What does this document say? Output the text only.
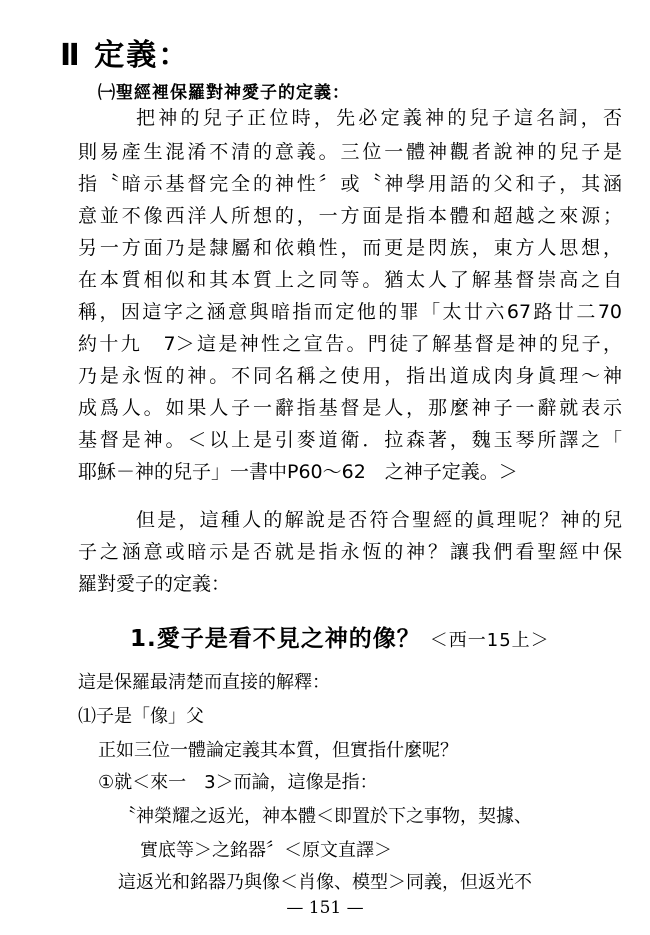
Ⅱ 定義：
㈠聖經裡保羅對神愛子的定義：
把神的兒子正位時，先必定義神的兒子這名詞，否
則易產生混淆不清的意義。三位一體神觀者說神的兒子是
指〝暗示基督完全的神性〞或〝神學用語的父和子，其涵
意並不像西洋人所想的，一方面是指本體和超越之來源；
另一方面乃是隸屬和依賴性，而更是閃族，東方人思想，
在本質相似和其本質上之同等。猶太人了解基督崇高之自
稱，因這字之涵意與暗指而定他的罪「太廿六67路廿二70
約十九　7＞這是神性之宣告。門徒了解基督是神的兒子，
乃是永恆的神。不同名稱之使用，指出道成肉身眞理～神
成爲人。如果人子一辭指基督是人，那麼神子一辭就表示
基督是神。＜以上是引麥道衛．拉森著，魏玉琴所譯之「
耶穌－神的兒子」一書中P60～62　之神子定義。＞
但是，這種人的解說是否符合聖經的眞理呢？神的兒
子之涵意或暗示是否就是指永恆的神？讓我們看聖經中保
羅對愛子的定義：
1.愛子是看不見之神的像？ ＜西一15上＞
這是保羅最淸楚而直接的解釋：
⑴子是「像」父
正如三位一體論定義其本質，但實指什麼呢？
①就＜來一　3＞而論，這像是指：
〝神榮耀之返光，神本體＜即置於下之事物，契據、
實底等＞之銘器〞＜原文直譯＞
這返光和銘器乃與像＜肖像、模型＞同義，但返光不
— 151 —
